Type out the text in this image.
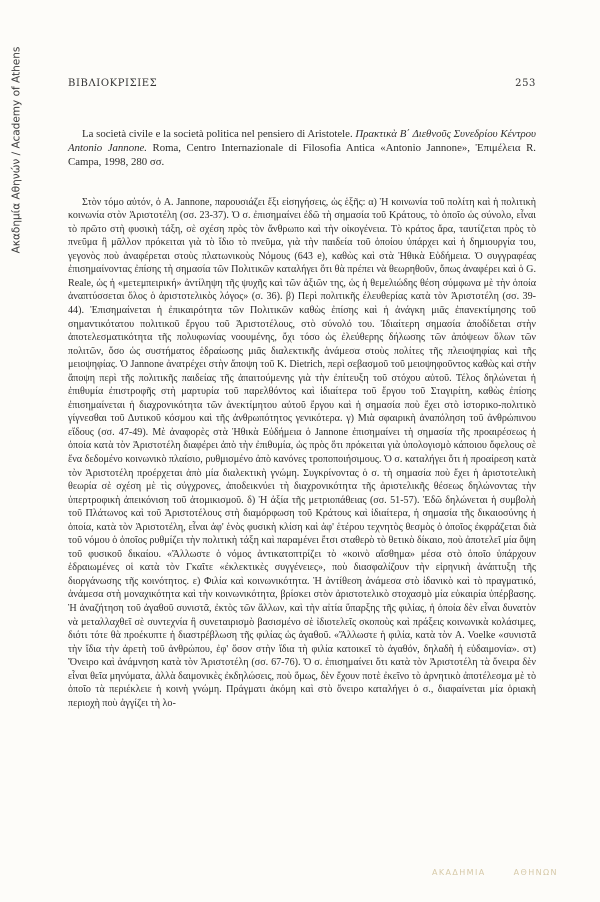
Ακαδημία Αθηνών / Academy of Athens	ΒΙΒΛΙΟΚΡΙΣΙΕΣ	253

La società civile e la società politica nel pensiero di Aristotele. Πρακτικὰ Β΄ Διεθνοῦς Συνεδρίου Κέντρου Antonio Jannone. Roma, Centro Internazionale di Filosofia Antica «Antonio Jannone», Ἐπιμέλεια R. Campa, 1998, 280 σσ.

Στὸν τόμο αὐτόν, ὁ A. Jannone, παρουσιάζει ἕξι εἰσηγήσεις, ὡς ἑξῆς: α) Ἡ κοινωνία τοῦ πολίτη καὶ ἡ πολιτικὴ κοινωνία στὸν Ἀριστοτέλη (σσ. 23-37). Ὁ σ. ἐπισημαίνει ἐδῶ τὴ σημασία τοῦ Κράτους, τὸ ὁποῖο ὡς σύνολο, εἶναι τὸ πρῶτο στὴ φυσικὴ τάξη, σὲ σχέση πρὸς τὸν ἄνθρωπο καὶ τὴν οἰκογένεια. Τὸ κράτος ἄρα, ταυτίζεται πρὸς τὸ πνεῦμα ἢ μᾶλλον πρόκειται γιὰ τὸ ἴδιο τὸ πνεῦμα, γιὰ τὴν παιδεία τοῦ ὁποίου ὑπάρχει καὶ ἡ δημιουργία του, γεγονὸς ποὺ ἀναφέρεται στοὺς πλατωνικοὺς Νόμους (643 e), καθὼς καὶ στὰ Ἠθικὰ Εὐδήμεια. Ὁ συγγραφέας ἐπισημαίνοντας ἐπίσης τὴ σημασία τῶν Πολιτικῶν καταλήγει ὅτι θὰ πρέπει νὰ θεωρηθοῦν, ὅπως ἀναφέρει καὶ ὁ G. Reale, ὡς ἡ «μετεμπειρική» ἀντίληψη τῆς ψυχῆς καὶ τῶν ἀξιῶν της, ὡς ἡ θεμελιώδης θέση σύμφωνα μὲ τὴν ὁποία ἀναπτύσσεται ὅλος ὁ ἀριστοτελικὸς λόγος» (σ. 36). β) Περὶ πολιτικῆς ἐλευθερίας κατὰ τὸν Ἀριστοτέλη (σσ. 39-44). Ἐπισημαίνεται ἡ ἐπικαιρότητα τῶν Πολιτικῶν καθὼς ἐπίσης καὶ ἡ ἀνάγκη μιᾶς ἐπανεκτίμησης τοῦ σημαντικότατου πολιτικοῦ ἔργου τοῦ Ἀριστοτέλους, στὸ σύνολό του. Ἰδιαίτερη σημασία ἀποδίδεται στὴν ἀποτελεσματικότητα τῆς πολυφωνίας νοουμένης, ὄχι τόσο ὡς ἐλεύθερης δήλωσης τῶν ἀπόψεων ὅλων τῶν πολιτῶν, ὅσο ὡς συστήματος ἑδραίωσης μιᾶς διαλεκτικῆς ἁνάμεσα στοὺς πολίτες τῆς πλειοψηφίας καὶ τῆς μειοψηφίας. Ὁ Jannone ἀνατρέχει στὴν ἄποψη τοῦ K. Dietrich, περὶ σεβασμοῦ τοῦ μειοψηφοῦντος καθὼς καὶ στὴν ἄποψη περὶ τῆς πολιτικῆς παιδείας τῆς ἀπαιτούμενης γιὰ τὴν ἐπίτευξη τοῦ στόχου αὐτοῦ. Τέλος δηλώνεται ἡ ἐπιθυμία ἐπιστροφῆς στὴ μαρτυρία τοῦ παρελθόντος καὶ ἰδιαίτερα τοῦ ἔργου τοῦ Σταγιρίτη, καθὼς ἐπίσης ἐπισημαίνεται ἡ διαχρονικότητα τῶν ἀνεκτίμητου αὐτοῦ ἔργου καὶ ἡ σημασία ποὺ ἔχει στὸ ἱστορικο-πολιτικὸ γίγνεσθαι τοῦ Δυτικοῦ κόσμου καὶ τῆς ἀνθρωπότητος γενικότερα. γ) Μιὰ σφαιρικὴ ἀναπόληση τοῦ ἀνθρώπινου εἴδους (σσ. 47-49). Μὲ ἀναφορὲς στὰ Ἠθικὰ Εὐδήμεια ὁ Jannone ἐπισημαίνει τὴ σημασία τῆς προαιρέσεως ἡ ὁποία κατὰ τὸν Ἀριστοτέλη διαφέρει ἀπὸ τὴν ἐπιθυμία, ὡς πρὸς ὅτι πρόκειται γιὰ ὑπολογισμὸ κάποιου ὄφελους σὲ ἕνα δεδομένο κοινωνικὸ πλαίσιο, ρυθμισμένο ἀπὸ κανόνες τροποποιήσιμους. Ὁ σ. καταλήγει ὅτι ἡ προαίρεση κατὰ τὸν Ἀριστοτέλη προέρχεται ἀπὸ μία διαλεκτικὴ γνώμη. Συγκρίνοντας ὁ σ. τὴ σημασία ποὺ ἔχει ἡ ἀριστοτελικὴ θεωρία σὲ σχέση μὲ τὶς σύγχρονες, ἀποδεικνύει τὴ διαχρονικότητα τῆς ἀριστελικῆς θέσεως δηλώνοντας τὴν ὑπερτροφικὴ ἀπεικόνιση τοῦ ἀτομικισμοῦ. δ) Ἡ ἀξία τῆς μετριοπάθειας (σσ. 51-57). Ἐδῶ δηλώνεται ἡ συμβολὴ τοῦ Πλάτωνος καὶ τοῦ Ἀριστοτέλους στὴ διαμόρφωση τοῦ Κράτους καὶ ἰδιαίτερα, ἡ σημασία τῆς δικαιοσύνης ἡ ὁποία, κατὰ τὸν Ἀριστοτέλη, εἶναι ἀφ' ἑνὸς φυσικὴ κλίση καὶ ἀφ' ἑτέρου τεχνητὸς θεσμὸς ὁ ὁποῖος ἐκφράζεται διὰ τοῦ νόμου ὁ ὁποῖος ρυθμίζει τὴν πολιτικὴ τάξη καὶ παραμένει ἔτσι σταθερὸ τὸ θετικὸ δίκαιο, ποὺ ἀποτελεῖ μία ὄψη τοῦ φυσικοῦ δικαίου. «Ἄλλωστε ὁ νόμος ἀντικατοπτρίζει τὸ «κοινὸ αἴσθημα» μέσα στὸ ὁποῖο ὑπάρχουν ἑδραιωμένες οἱ κατὰ τὸν Γκαῖτε «ἐκλεκτικὲς συγγένειες», ποὺ διασφαλίζουν τὴν εἰρηνικὴ ἀνάπτυξη τῆς διοργάνωσης τῆς κοινότητος. ε) Φιλία καὶ κοινωνικότητα. Ἡ ἀντίθεση ἀνάμεσα στὸ ἰδανικὸ καὶ τὸ πραγματικό, ἀνάμεσα στὴ μοναχικότητα καὶ τὴν κοινωνικότητα, βρίσκει στὸν ἀριστοτελικὸ στοχασμὸ μία εὐκαιρία ὑπέρβασης. Ἡ ἀναζήτηση τοῦ ἀγαθοῦ συνιστᾶ, ἐκτὸς τῶν ἄλλων, καὶ τὴν αἰτία ὕπαρξης τῆς φιλίας, ἡ ὁποία δὲν εἶναι δυνατὸν νὰ μεταλλαχθεῖ σὲ συντεχνία ἢ συνεταιρισμὸ βασισμένο σὲ ἰδιοτελεῖς σκοποὺς καὶ πράξεις κοινωνικὰ κολάσιμες, διότι τότε θὰ προέκυπτε ἡ διαστρέβλωση τῆς φιλίας ὡς ἀγαθοῦ. «Ἄλλωστε ἡ φιλία, κατὰ τὸν A. Voelke «συνιστᾶ τὴν ἴδια τὴν ἀρετὴ τοῦ ἀνθρώπου, ἐφ' ὅσον στὴν ἴδια τὴ φιλία κατοικεῖ τὸ ἀγαθόν, δηλαδὴ ἡ εὐδαιμονία». στ) Ὄνειρο καὶ ἀνάμνηση κατὰ τὸν Ἀριστοτέλη (σσ. 67-76). Ὁ σ. ἐπισημαίνει ὅτι κατὰ τὸν Ἀριστοτέλη τὰ ὄνειρα δὲν εἶναι θεῖα μηνύματα, ἀλλὰ δαιμονικὲς ἐκδηλώσεις, ποὺ ὅμως, δὲν ἔχουν ποτὲ ἐκεῖνο τὸ ἀρνητικὸ ἀποτέλεσμα μὲ τὸ ὁποῖο τὰ περιέκλειε ἡ κοινὴ γνώμη. Πράγματι ἀκόμη καὶ στὸ ὄνειρο καταλήγει ὁ σ., διαφαίνεται μία ὁριακὴ περιοχὴ ποὺ ἀγγίζει τὴ λο-

ΑΚΑΔΗΜΙΑ	ΑΘΗΝΩΝ
